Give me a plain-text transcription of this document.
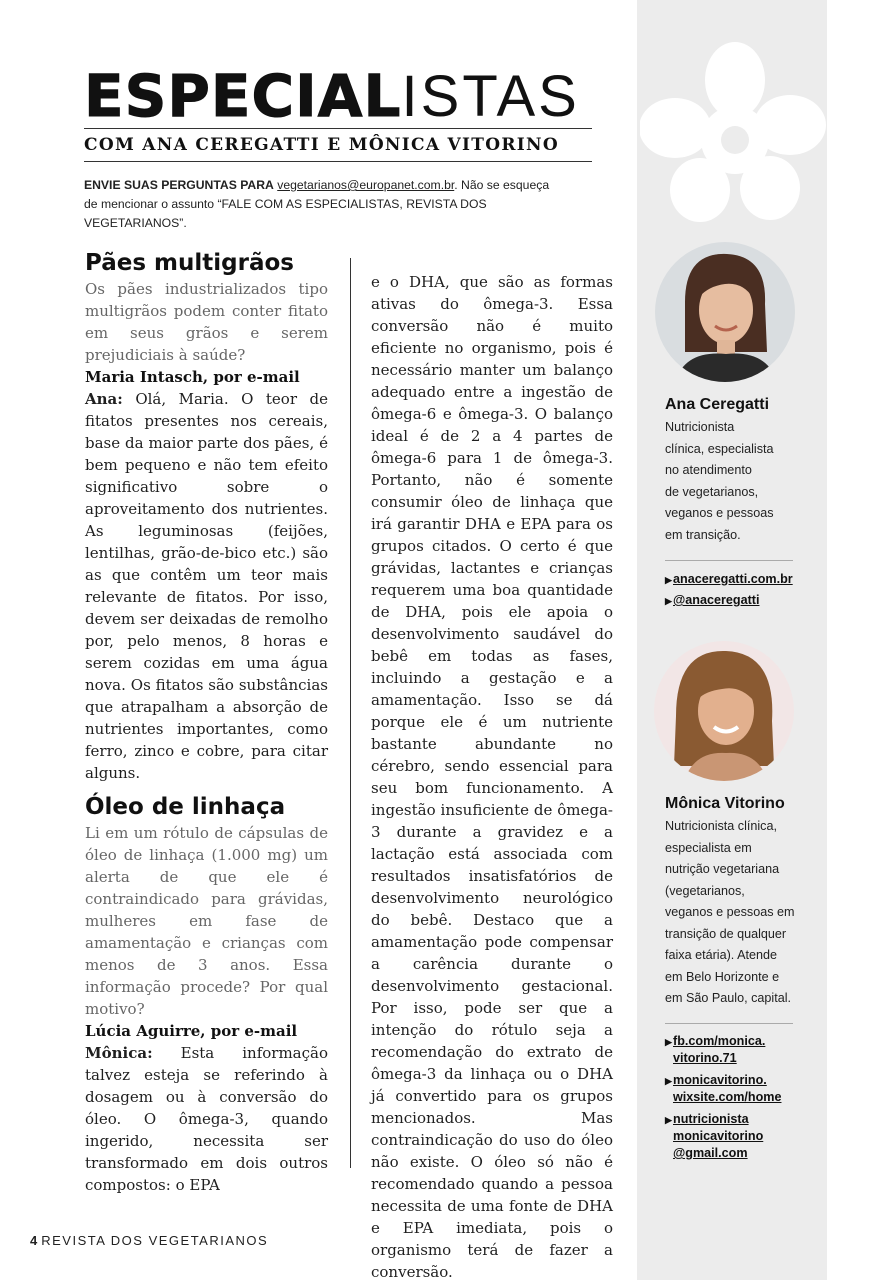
ESPECIALISTAS
COM ANA CEREGATTI E MÔNICA VITORINO
ENVIE SUAS PERGUNTAS PARA vegetarianos@europanet.com.br. Não se esqueça de mencionar o assunto “FALE COM AS ESPECIALISTAS, REVISTA DOS VEGETARIANOS”.
Pães multigrãos

Os pães industrializados tipo multigrãos podem conter fitato em seus grãos e serem prejudiciais à saúde?

Maria Intasch, por e-mail

Ana: Olá, Maria. O teor de fitatos presentes nos cereais, base da maior parte dos pães, é bem pequeno e não tem efeito significativo sobre o aproveitamento dos nutrientes. As leguminosas (feijões, lentilhas, grão-de-bico etc.) são as que contêm um teor mais relevante de fitatos. Por isso, devem ser deixadas de remolho por, pelo menos, 8 horas e serem cozidas em uma água nova. Os fitatos são substâncias que atrapalham a absorção de nutrientes importantes, como ferro, zinco e cobre, para citar alguns.

Óleo de linhaça

Li em um rótulo de cápsulas de óleo de linhaça (1.000 mg) um alerta de que ele é contraindicado para grávidas, mulheres em fase de amamentação e crianças com menos de 3 anos. Essa informação procede? Por qual motivo?

Lúcia Aguirre, por e-mail

Mônica: Esta informação talvez esteja se referindo à dosagem ou à conversão do óleo. O ômega-3, quando ingerido, necessita ser transformado em dois outros compostos: o EPA

e o DHA, que são as formas ativas do ômega-3. Essa conversão não é muito eficiente no organismo, pois é necessário manter um balanço adequado entre a ingestão de ômega-6 e ômega-3. O balanço ideal é de 2 a 4 partes de ômega-6 para 1 de ômega-3. Portanto, não é somente consumir óleo de linhaça que irá garantir DHA e EPA para os grupos citados. O certo é que grávidas, lactantes e crianças requerem uma boa quantidade de DHA, pois ele apoia o desenvolvimento saudável do bebê em todas as fases, incluindo a gestação e a amamentação. Isso se dá porque ele é um nutriente bastante abundante no cérebro, sendo essencial para seu bom funcionamento. A ingestão insuficiente de ômega-3 durante a gravidez e a lactação está associada com resultados insatisfatórios de desenvolvimento neurológico do bebê. Destaco que a amamentação pode compensar a carência durante o desenvolvimento gestacional. Por isso, pode ser que a intenção do rótulo seja a recomendação do extrato de ômega-3 da linhaça ou o DHA já convertido para os grupos mencionados. Mas contraindicação do uso do óleo não existe. O óleo só não é recomendado quando a pessoa necessita de uma fonte de DHA e EPA imediata, pois o organismo terá de fazer a conversão.

Ana Ceregatti
Nutricionista
clínica, especialista
no atendimento
de vegetarianos,
veganos e pessoas
em transição.
▶anaceregatti.com.br
▶@anaceregatti
Mônica Vitorino
Nutricionista clínica,
especialista em
nutrição vegetariana
(vegetarianos,
veganos e pessoas em
transição de qualquer
faixa etária). Atende
em Belo Horizonte e
em São Paulo, capital.
▶fb.com/monica.
vitorino.71
▶monicavitorino.
wixsite.com/home
▶nutricionista
monicavitorino
@gmail.com
4 REVISTA DOS VEGETARIANOS
